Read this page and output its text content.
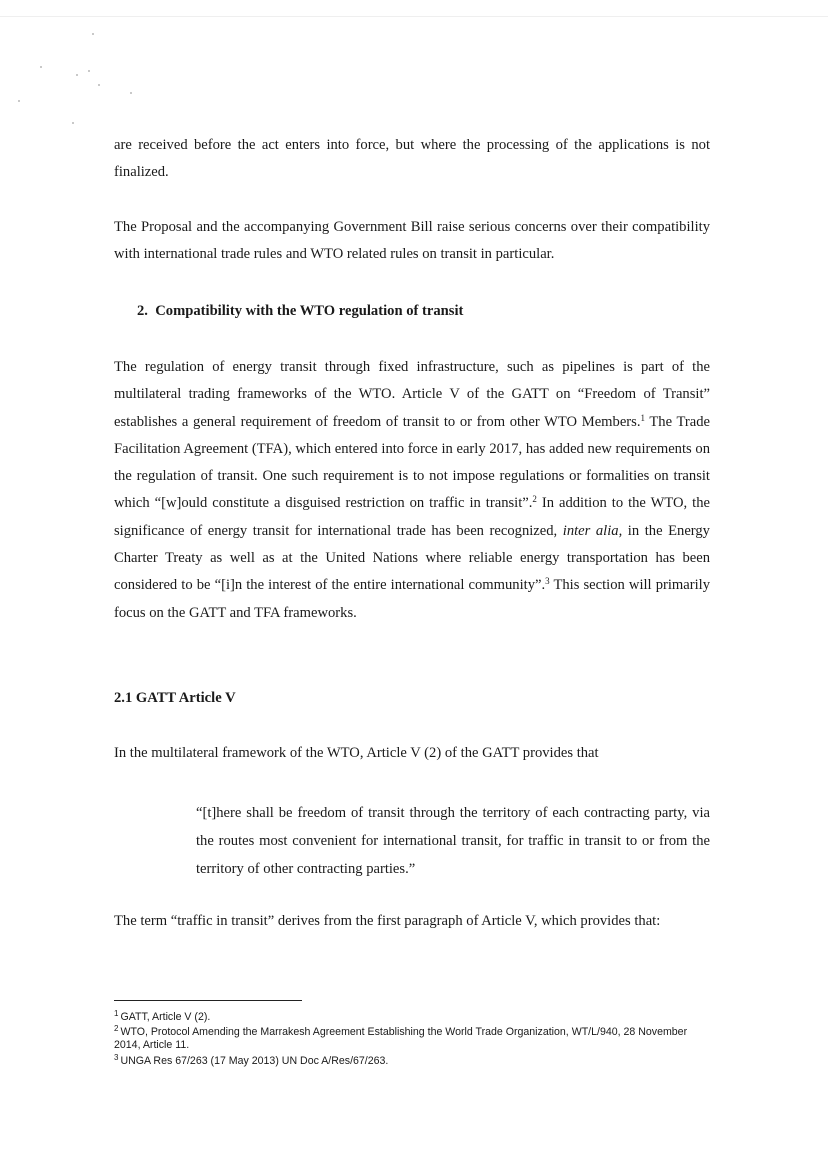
are received before the act enters into force, but where the processing of the applications is not finalized.

The Proposal and the accompanying Government Bill raise serious concerns over their compatibility with international trade rules and WTO related rules on transit in particular.

2. Compatibility with the WTO regulation of transit

The regulation of energy transit through fixed infrastructure, such as pipelines is part of the multilateral trading frameworks of the WTO. Article V of the GATT on “Freedom of Transit” establishes a general requirement of freedom of transit to or from other WTO Members.$^1$ The Trade Facilitation Agreement (TFA), which entered into force in early 2017, has added new requirements on the regulation of transit. One such requirement is to not impose regulations or formalities on transit which “[w]ould constitute a disguised restriction on traffic in transit”.$^2$ In addition to the WTO, the significance of energy transit for international trade has been recognized, inter alia, in the Energy Charter Treaty as well as at the United Nations where reliable energy transportation has been considered to be “[i]n the interest of the entire international community”.$^3$ This section will primarily focus on the GATT and TFA frameworks.

2.1 GATT Article V

In the multilateral framework of the WTO, Article V (2) of the GATT provides that

“[t]here shall be freedom of transit through the territory of each contracting party, via the routes most convenient for international transit, for traffic in transit to or from the territory of other contracting parties.”

The term “traffic in transit” derives from the first paragraph of Article V, which provides that:

$^1$ GATT, Article V (2).

$^2$ WTO, Protocol Amending the Marrakesh Agreement Establishing the World Trade Organization, WT/L/940, 28 November 2014, Article 11.

$^3$ UNGA Res 67/263 (17 May 2013) UN Doc A/Res/67/263.
